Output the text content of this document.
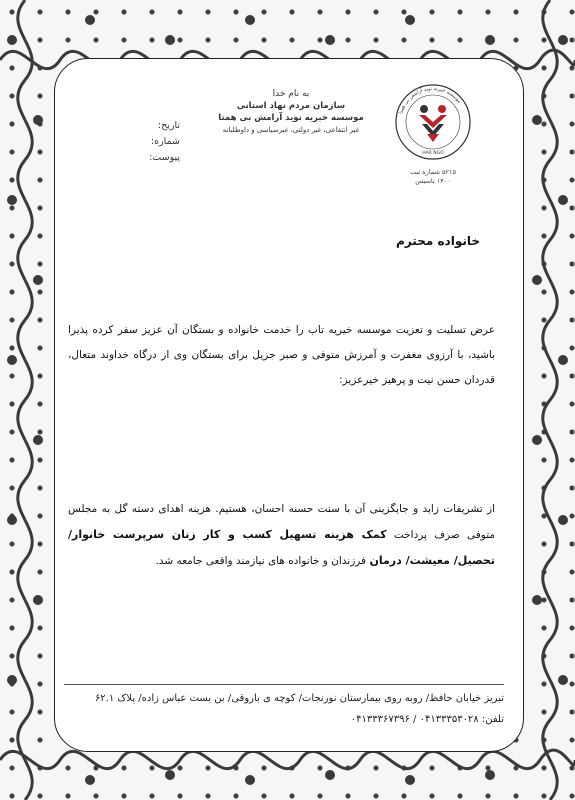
به نام خدا
سازمان مردم نهاد استانی
موسسه خیریه نوید آرامش بی همتا
غیر انتفاعی، غیر دولتی، غیرسیاسی و داوطلبانه
تاریخ:
شماره:
پیوست:
موسسه خیریه نوید آرامش بی همتا
HAR NGO
۵۲۱۵ شماره ثبت
۱۴۰۰ تاسیس
خانواده محترم
عرض تسلیت و تعزیت موسسه خیریه تاب را خدمت خانواده و بستگان آن عزیز سفر کرده پذیرا باشید، با آرزوی مغفرت و آمرزش متوفی و صبر جزیل برای بستگان وی از درگاه خداوند متعال، قدردان حسن نیت و پرهیز خیرعزیز:
از تشریفات زاید و جایگزینی آن با سنت حسنه احسان، هستیم. هزینه اهدای دسته گل به مجلس متوفی صرف پرداخت کمک هزینه تسهیل کسب و کار زنان سرپرست خانوار/ تحصیل/ معیشت/ درمان فرزندان و خانواده های نیازمند واقعی جامعه شد.
تبریز خیابان حافظ/ روبه روی بیمارستان نورنجات/ کوچه ی باروقی/ بن بست عباس زاده/ پلاک ۶۲.۱
تلفن: ۰۴۱۳۳۳۵۳۰۲۸ / ۰۴۱۳۳۳۶۷۳۹۶
